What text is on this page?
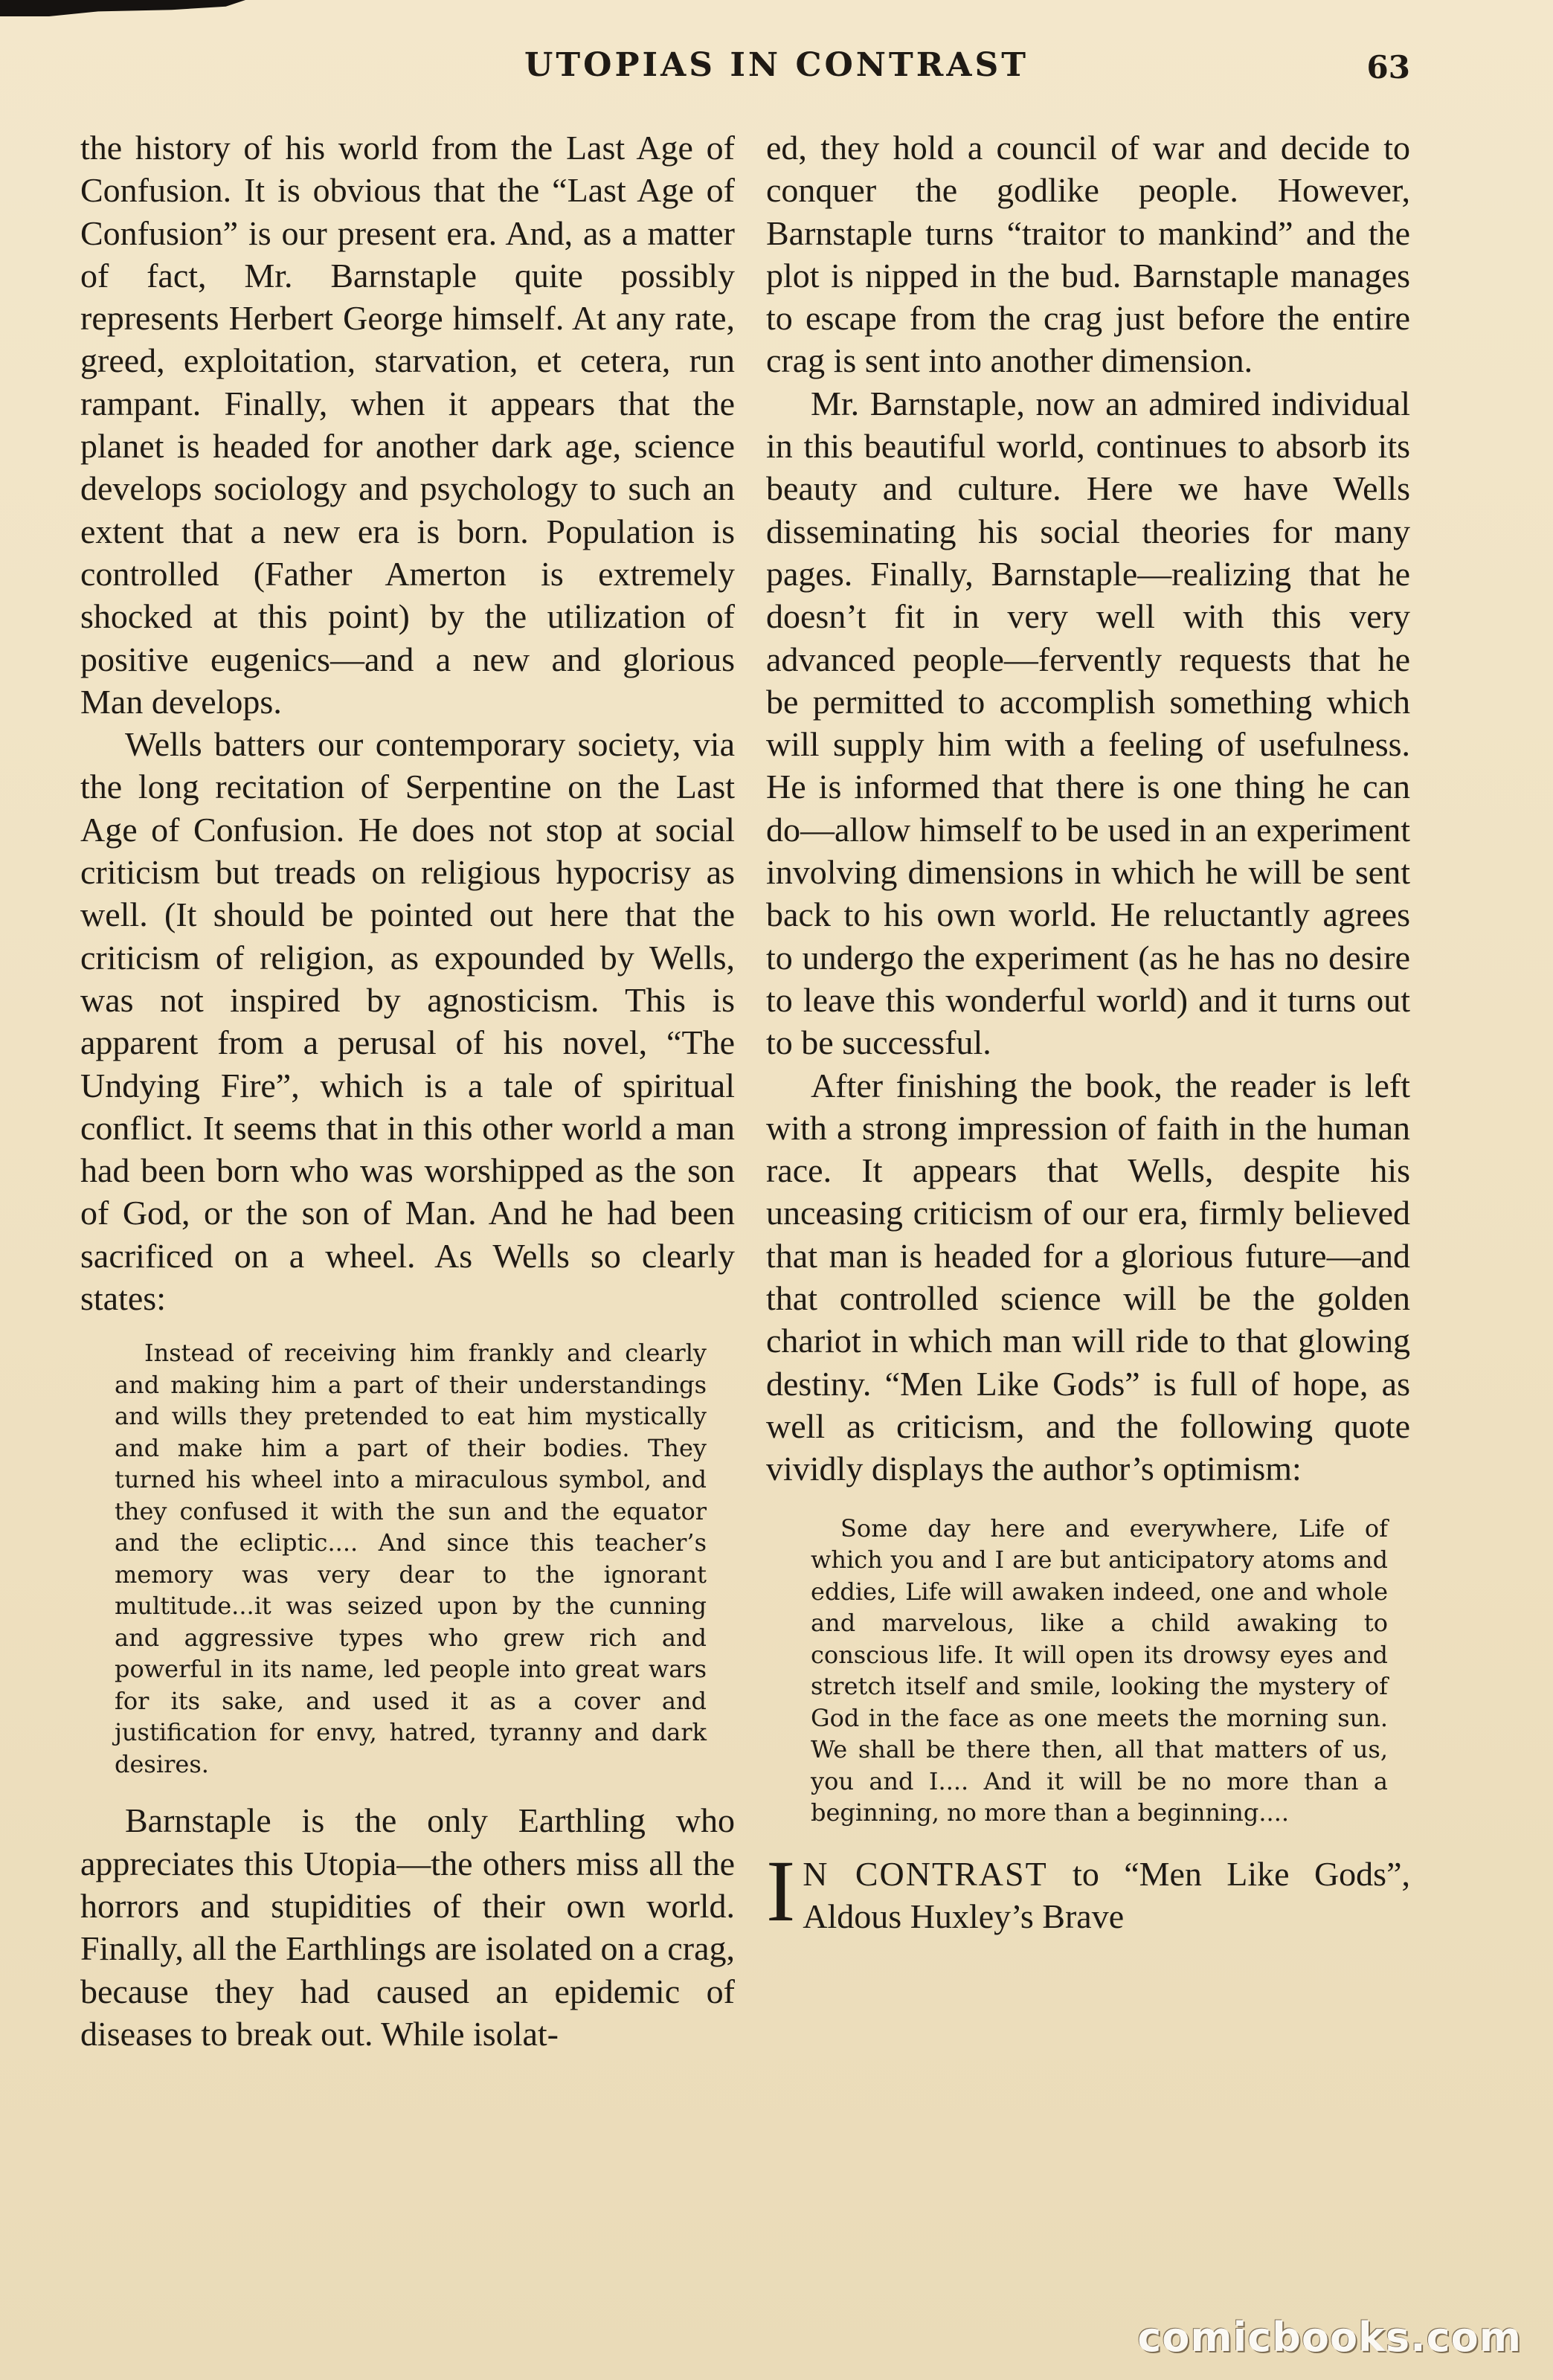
UTOPIAS IN CONTRAST	63

the history of his world from the Last Age of Confusion. It is obvious that the “Last Age of Confusion” is our present era. And, as a matter of fact, Mr. Barnstaple quite possibly represents Herbert George himself. At any rate, greed, exploitation, starvation, et cetera, run rampant. Finally, when it appears that the planet is headed for another dark age, science develops sociology and psychology to such an extent that a new era is born. Population is controlled (Father Amerton is extremely shocked at this point) by the utilization of positive eugenics—and a new and glorious Man develops.

Wells batters our contemporary society, via the long recitation of Serpentine on the Last Age of Confusion. He does not stop at social criticism but treads on religious hypocrisy as well. (It should be pointed out here that the criticism of religion, as expounded by Wells, was not inspired by agnosticism. This is apparent from a perusal of his novel, “The Undying Fire”, which is a tale of spiritual conflict. It seems that in this other world a man had been born who was worshipped as the son of God, or the son of Man. And he had been sacrificed on a wheel. As Wells so clearly states:

Instead of receiving him frankly and clearly and making him a part of their understandings and wills they pretended to eat him mystically and make him a part of their bodies. They turned his wheel into a miraculous symbol, and they confused it with the sun and the equator and the ecliptic.... And since this teacher’s memory was very dear to the ignorant multitude...it was seized upon by the cunning and aggressive types who grew rich and powerful in its name, led people into great wars for its sake, and used it as a cover and justification for envy, hatred, tyranny and dark desires.

Barnstaple is the only Earthling who appreciates this Utopia—the others miss all the horrors and stupidities of their own world. Finally, all the Earthlings are isolated on a crag, because they had caused an epidemic of diseases to break out. While isolat-

ed, they hold a council of war and decide to conquer the godlike people. However, Barnstaple turns “traitor to mankind” and the plot is nipped in the bud. Barnstaple manages to escape from the crag just before the entire crag is sent into another dimension.

Mr. Barnstaple, now an admired individual in this beautiful world, continues to absorb its beauty and culture. Here we have Wells disseminating his social theories for many pages. Finally, Barnstaple—realizing that he doesn’t fit in very well with this very advanced people—fervently requests that he be permitted to accomplish something which will supply him with a feeling of usefulness. He is informed that there is one thing he can do—allow himself to be used in an experiment involving dimensions in which he will be sent back to his own world. He reluctantly agrees to undergo the experiment (as he has no desire to leave this wonderful world) and it turns out to be successful.

After finishing the book, the reader is left with a strong impression of faith in the human race. It appears that Wells, despite his unceasing criticism of our era, firmly believed that man is headed for a glorious future—and that controlled science will be the golden chariot in which man will ride to that glowing destiny. “Men Like Gods” is full of hope, as well as criticism, and the following quote vividly displays the author’s optimism:

Some day here and everywhere, Life of which you and I are but anticipatory atoms and eddies, Life will awaken indeed, one and whole and marvelous, like a child awaking to conscious life. It will open its drowsy eyes and stretch itself and smile, looking the mystery of God in the face as one meets the morning sun. We shall be there then, all that matters of us, you and I.... And it will be no more than a beginning, no more than a beginning....

I N CONTRAST to “Men Like Gods”, Aldous Huxley’s Brave

comicbooks.com
